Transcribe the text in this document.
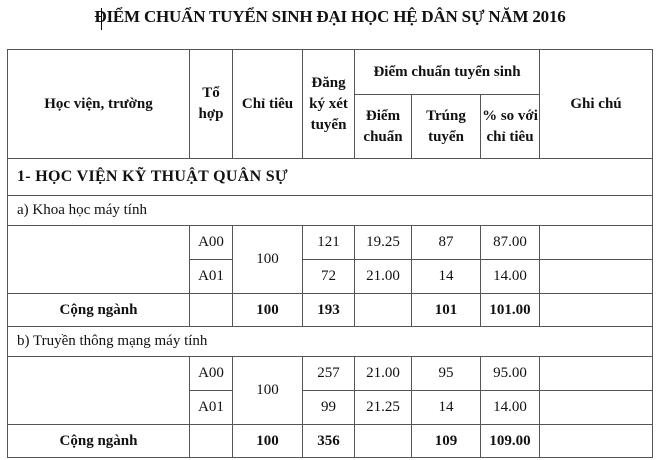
ĐIỂM CHUẨN TUYỂN SINH ĐẠI HỌC HỆ DÂN SỰ NĂM 2016
Học viện, trường	Tổ hợp	Chỉ tiêu	Đăng ký xét tuyển	Điểm chuẩn tuyển sinh			Ghi chú
				Điểm chuẩn	Trúng tuyển	% so với chỉ tiêu	
1- HỌC VIỆN KỸ THUẬT QUÂN SỰ							
a) Khoa học máy tính							
	A00	100	121	19.25	87	87.00	
	A01		72	21.00	14	14.00	
Cộng ngành		100	193		101	101.00	
b) Truyền thông mạng máy tính							
	A00	100	257	21.00	95	95.00	
	A01		99	21.25	14	14.00	
Cộng ngành		100	356		109	109.00	
